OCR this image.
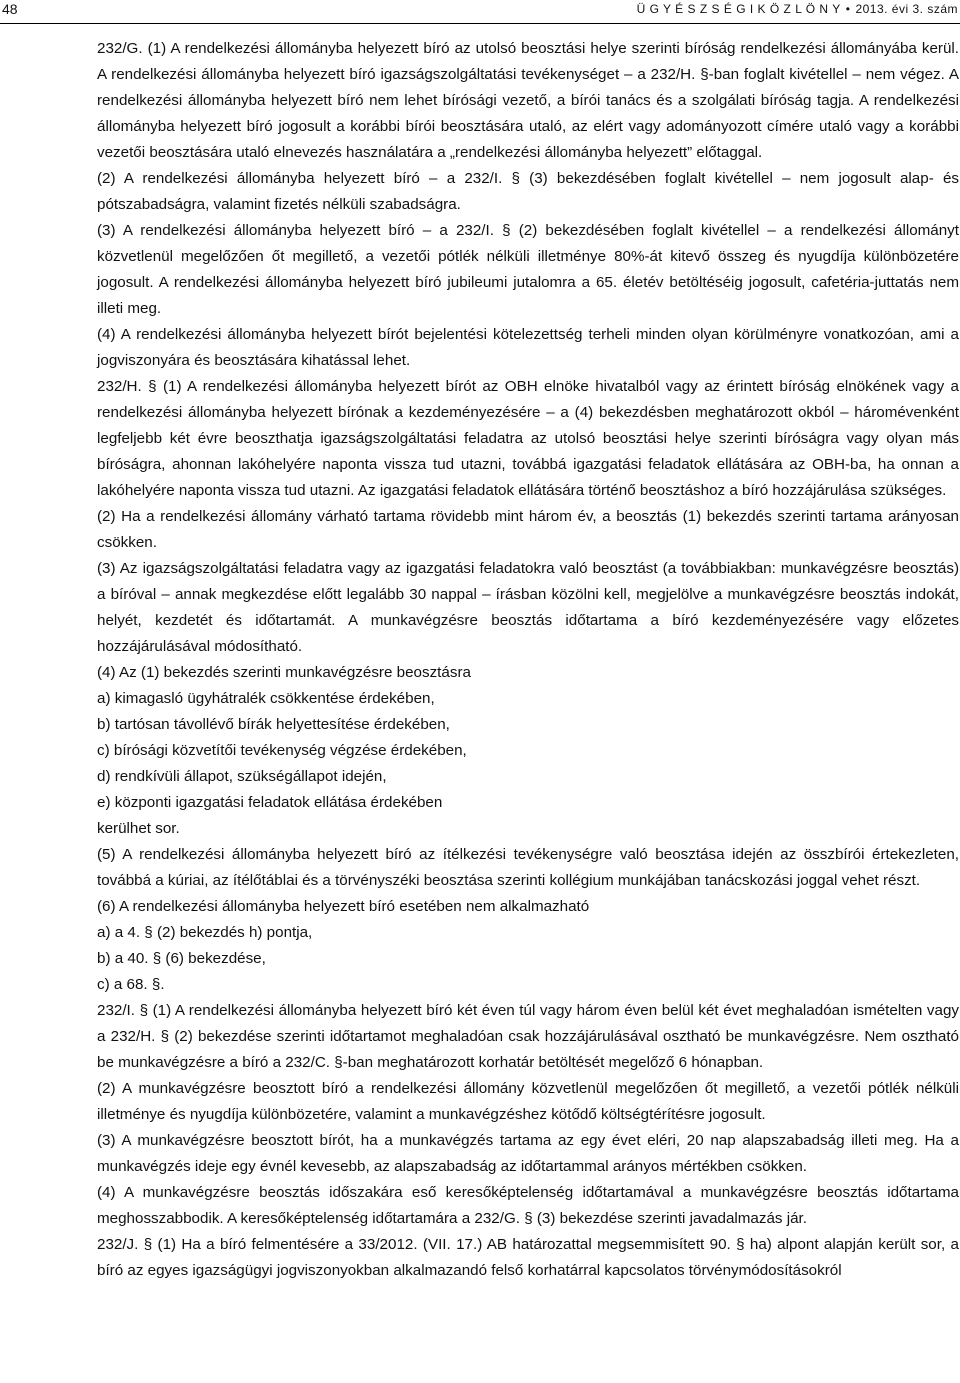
48	Ü G Y É S Z S É G I K Ö Z L Ö N Y • 2013. évi 3. szám

232/G. (1) A rendelkezési állományba helyezett bíró az utolsó beosztási helye szerinti bíróság rendelkezési állományába kerül. A rendelkezési állományba helyezett bíró igazságszolgáltatási tevékenységet – a 232/H. §-ban foglalt kivétellel – nem végez. A rendelkezési állományba helyezett bíró nem lehet bírósági vezető, a bírói tanács és a szolgálati bíróság tagja. A rendelkezési állományba helyezett bíró jogosult a korábbi bírói beosztására utaló, az elért vagy adományozott címére utaló vagy a korábbi vezetői beosztására utaló elnevezés használatára a „rendelkezési állományba helyezett” előtaggal.

(2) A rendelkezési állományba helyezett bíró – a 232/I. § (3) bekezdésében foglalt kivétellel – nem jogosult alap- és pótszabadságra, valamint fizetés nélküli szabadságra.

(3) A rendelkezési állományba helyezett bíró – a 232/I. § (2) bekezdésében foglalt kivétellel – a rendelkezési állományt közvetlenül megelőzően őt megillető, a vezetői pótlék nélküli illetménye 80%-át kitevő összeg és nyugdíja különbözetére jogosult. A rendelkezési állományba helyezett bíró jubileumi jutalomra a 65. életév betöltéséig jogosult, cafetéria-juttatás nem illeti meg.

(4) A rendelkezési állományba helyezett bírót bejelentési kötelezettség terheli minden olyan körülményre vonatkozóan, ami a jogviszonyára és beosztására kihatással lehet.

232/H. § (1) A rendelkezési állományba helyezett bírót az OBH elnöke hivatalból vagy az érintett bíróság elnökének vagy a rendelkezési állományba helyezett bírónak a kezdeményezésére – a (4) bekezdésben meghatározott okból – háromévenként legfeljebb két évre beoszthatja igazságszolgáltatási feladatra az utolsó beosztási helye szerinti bíróságra vagy olyan más bíróságra, ahonnan lakóhelyére naponta vissza tud utazni, továbbá igazgatási feladatok ellátására az OBH-ba, ha onnan a lakóhelyére naponta vissza tud utazni. Az igazgatási feladatok ellátására történő beosztáshoz a bíró hozzájárulása szükséges.

(2) Ha a rendelkezési állomány várható tartama rövidebb mint három év, a beosztás (1) bekezdés szerinti tartama arányosan csökken.

(3) Az igazságszolgáltatási feladatra vagy az igazgatási feladatokra való beosztást (a továbbiakban: munkavégzésre beosztás) a bíróval – annak megkezdése előtt legalább 30 nappal – írásban közölni kell, megjelölve a munkavégzésre beosztás indokát, helyét, kezdetét és időtartamát. A munkavégzésre beosztás időtartama a bíró kezdeményezésére vagy előzetes hozzájárulásával módosítható.

(4) Az (1) bekezdés szerinti munkavégzésre beosztásra

a) kimagasló ügyhátralék csökkentése érdekében,

b) tartósan távollévő bírák helyettesítése érdekében,

c) bírósági közvetítői tevékenység végzése érdekében,

d) rendkívüli állapot, szükségállapot idején,

e) központi igazgatási feladatok ellátása érdekében

kerülhet sor.

(5) A rendelkezési állományba helyezett bíró az ítélkezési tevékenységre való beosztása idején az összbírói értekezleten, továbbá a kúriai, az ítélőtáblai és a törvényszéki beosztása szerinti kollégium munkájában tanácskozási joggal vehet részt.

(6) A rendelkezési állományba helyezett bíró esetében nem alkalmazható

a) a 4. § (2) bekezdés h) pontja,

b) a 40. § (6) bekezdése,

c) a 68. §.

232/I. § (1) A rendelkezési állományba helyezett bíró két éven túl vagy három éven belül két évet meghaladóan ismételten vagy a 232/H. § (2) bekezdése szerinti időtartamot meghaladóan csak hozzájárulásával osztható be munkavégzésre. Nem osztható be munkavégzésre a bíró a 232/C. §-ban meghatározott korhatár betöltését megelőző 6 hónapban.

(2) A munkavégzésre beosztott bíró a rendelkezési állomány közvetlenül megelőzően őt megillető, a vezetői pótlék nélküli illetménye és nyugdíja különbözetére, valamint a munkavégzéshez kötődő költségtérítésre jogosult.

(3) A munkavégzésre beosztott bírót, ha a munkavégzés tartama az egy évet eléri, 20 nap alapszabadság illeti meg. Ha a munkavégzés ideje egy évnél kevesebb, az alapszabadság az időtartammal arányos mértékben csökken.

(4) A munkavégzésre beosztás időszakára eső keresőképtelenség időtartamával a munkavégzésre beosztás időtartama meghosszabbodik. A keresőképtelenség időtartamára a 232/G. § (3) bekezdése szerinti javadalmazás jár.

232/J. § (1) Ha a bíró felmentésére a 33/2012. (VII. 17.) AB határozattal megsemmisített 90. § ha) alpont alapján került sor, a bíró az egyes igazságügyi jogviszonyokban alkalmazandó felső korhatárral kapcsolatos törvénymódosításokról
